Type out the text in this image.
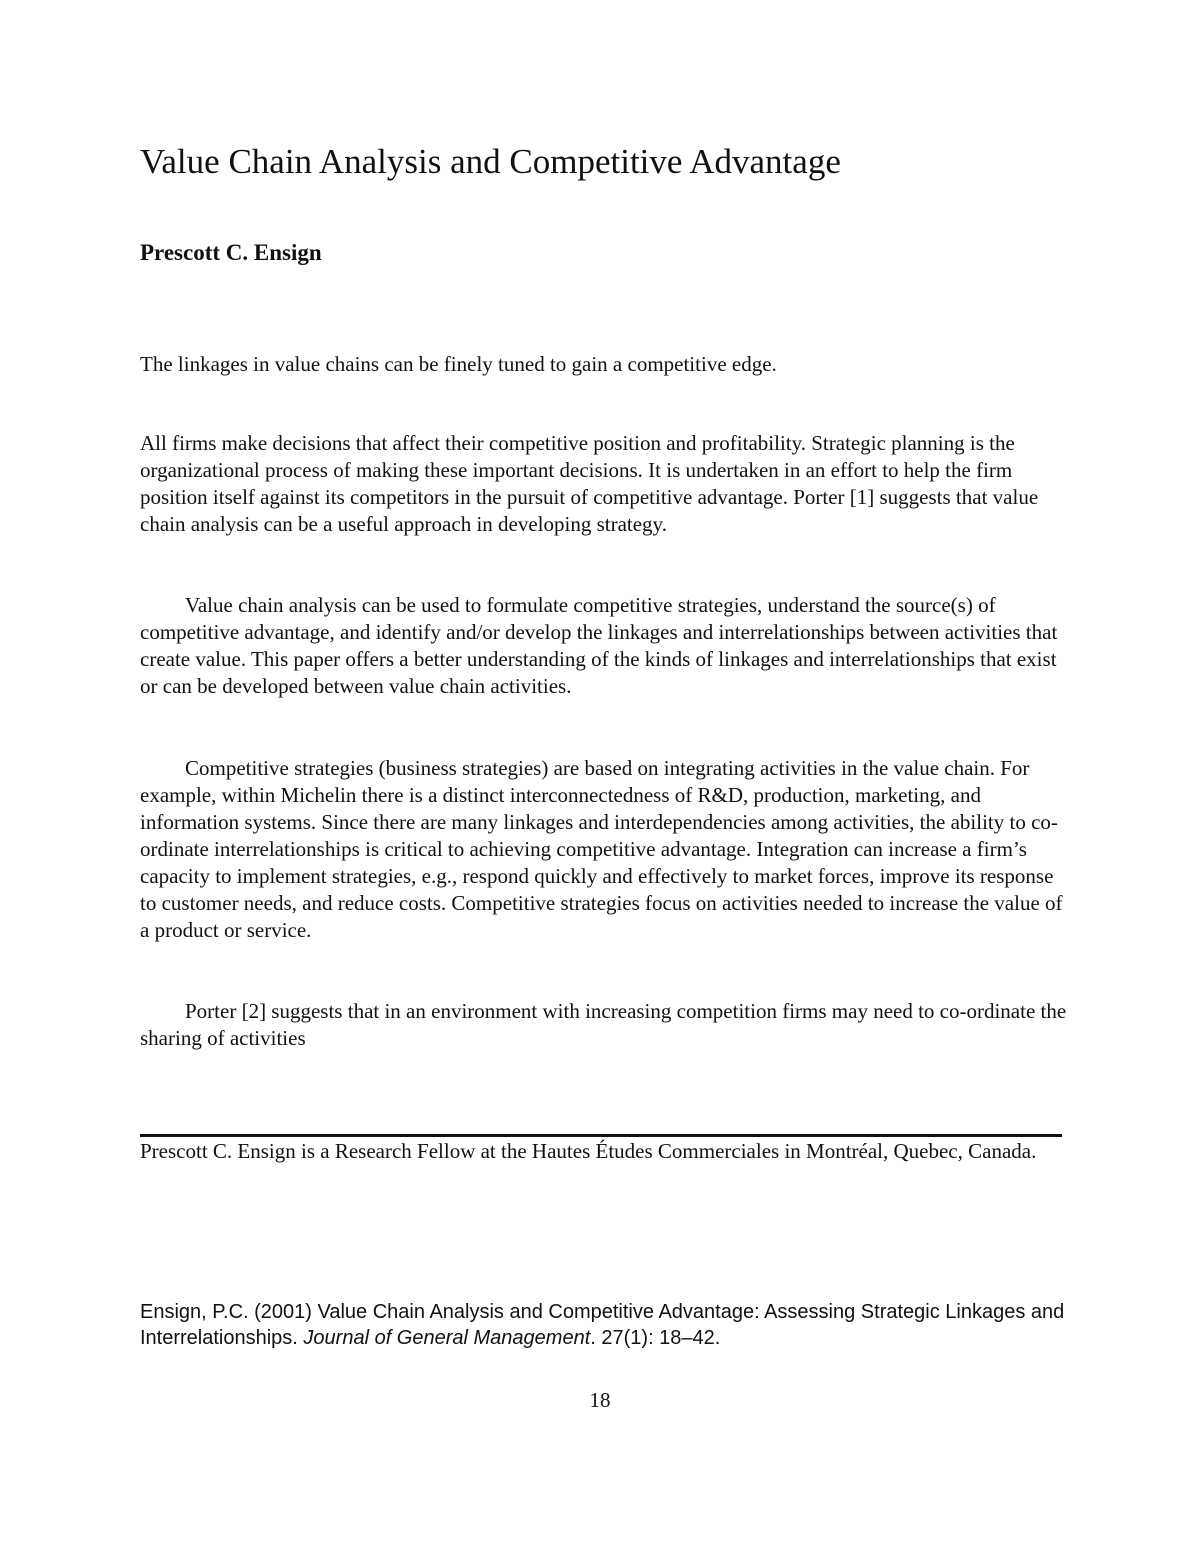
Value Chain Analysis and Competitive Advantage

Prescott C. Ensign

The linkages in value chains can be finely tuned to gain a competitive edge.

All firms make decisions that affect their competitive position and profitability. Strategic planning is the organizational process of making these important decisions. It is undertaken in an effort to help the firm position itself against its competitors in the pursuit of competitive advantage. Porter [1] suggests that value chain analysis can be a useful approach in developing strategy.

Value chain analysis can be used to formulate competitive strategies, understand the source(s) of competitive advantage, and identify and/or develop the linkages and interrelationships between activities that create value. This paper offers a better understanding of the kinds of linkages and interrelationships that exist or can be developed between value chain activities.

Competitive strategies (business strategies) are based on integrating activities in the value chain. For example, within Michelin there is a distinct interconnectedness of R&D, production, marketing, and information systems. Since there are many linkages and interdependencies among activities, the ability to co-ordinate interrelationships is critical to achieving competitive advantage. Integration can increase a firm’s capacity to implement strategies, e.g., respond quickly and effectively to market forces, improve its response to customer needs, and reduce costs. Competitive strategies focus on activities needed to increase the value of a product or service.

Porter [2] suggests that in an environment with increasing competition firms may need to co-ordinate the sharing of activities

Prescott C. Ensign is a Research Fellow at the Hautes Études Commerciales in Montréal, Quebec, Canada.

Ensign, P.C. (2001) Value Chain Analysis and Competitive Advantage: Assessing Strategic Linkages and Interrelationships. Journal of General Management. 27(1): 18–42.

18
